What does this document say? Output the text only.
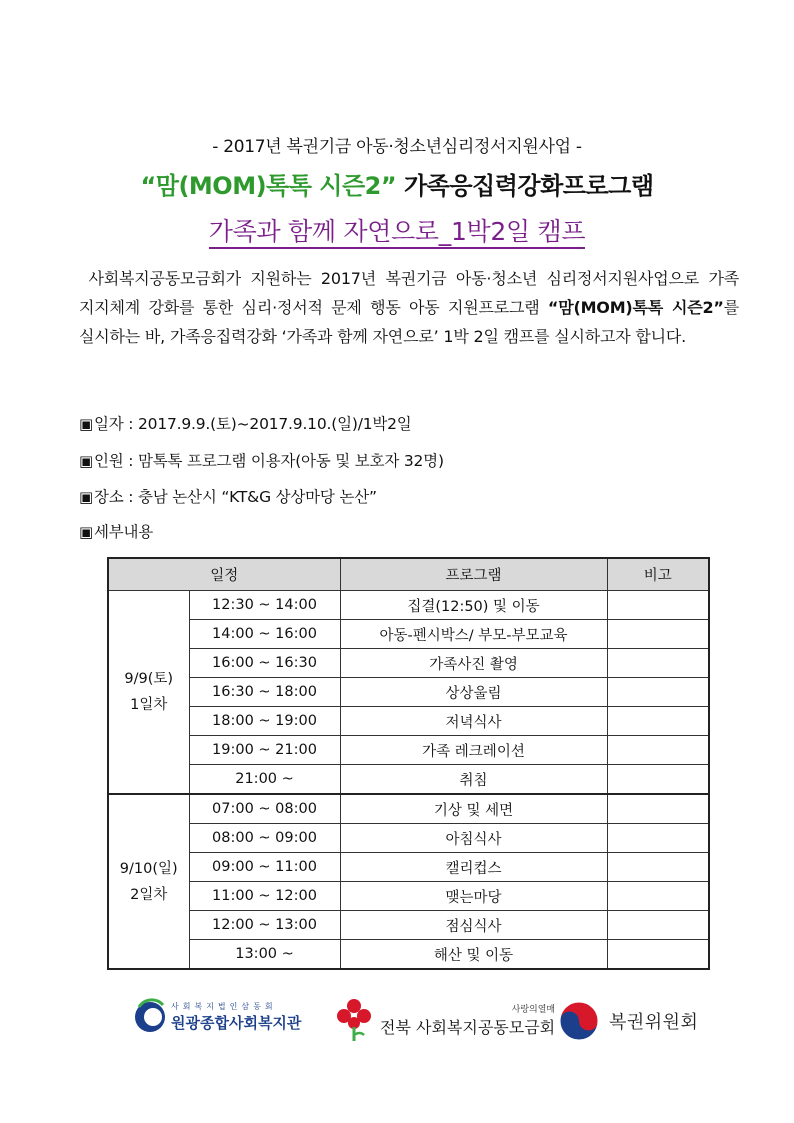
- 2017년 복권기금 아동·청소년심리정서지원사업 -
“맘(MOM)톡톡 시즌2” 가족응집력강화프로그램
가족과 함께 자연으로_1박2일 캠프
사회복지공동모금회가 지원하는 2017년 복권기금 아동·청소년 심리정서지원사업으로 가족 지지체계 강화를 통한 심리·정서적 문제 행동 아동 지원프로그램 “맘(MOM)톡톡 시즌2”를 실시하는 바, 가족응집력강화 ‘가족과 함께 자연으로’ 1박 2일 캠프를 실시하고자 합니다.
▣일자 : 2017.9.9.(토)~2017.9.10.(일)/1박2일
▣인원 : 맘톡톡 프로그램 이용자(아동 및 보호자 32명)
▣장소 : 충남 논산시 “KT&G 상상마당 논산”
▣세부내용
일정		프로그램	비고
9/9(토)
1일차	12:30 ~ 14:00	집결(12:50) 및 이동	
	14:00 ~ 16:00	아동-펜시박스/ 부모-부모교육	
	16:00 ~ 16:30	가족사진 촬영	
	16:30 ~ 18:00	상상울림	
	18:00 ~ 19:00	저녁식사	
	19:00 ~ 21:00	가족 레크레이션	
	21:00 ~	취침	
9/10(일)
2일차	07:00 ~ 08:00	기상 및 세면	
	08:00 ~ 09:00	아침식사	
	09:00 ~ 11:00	캘리컵스	
	11:00 ~ 12:00	맺는마당	
	12:00 ~ 13:00	점심식사	
	13:00 ~	해산 및 이동	
사회복지법인삼동회
원광종합사회복지관
사랑의열매
전북 사회복지공동모금회	복권위원회
